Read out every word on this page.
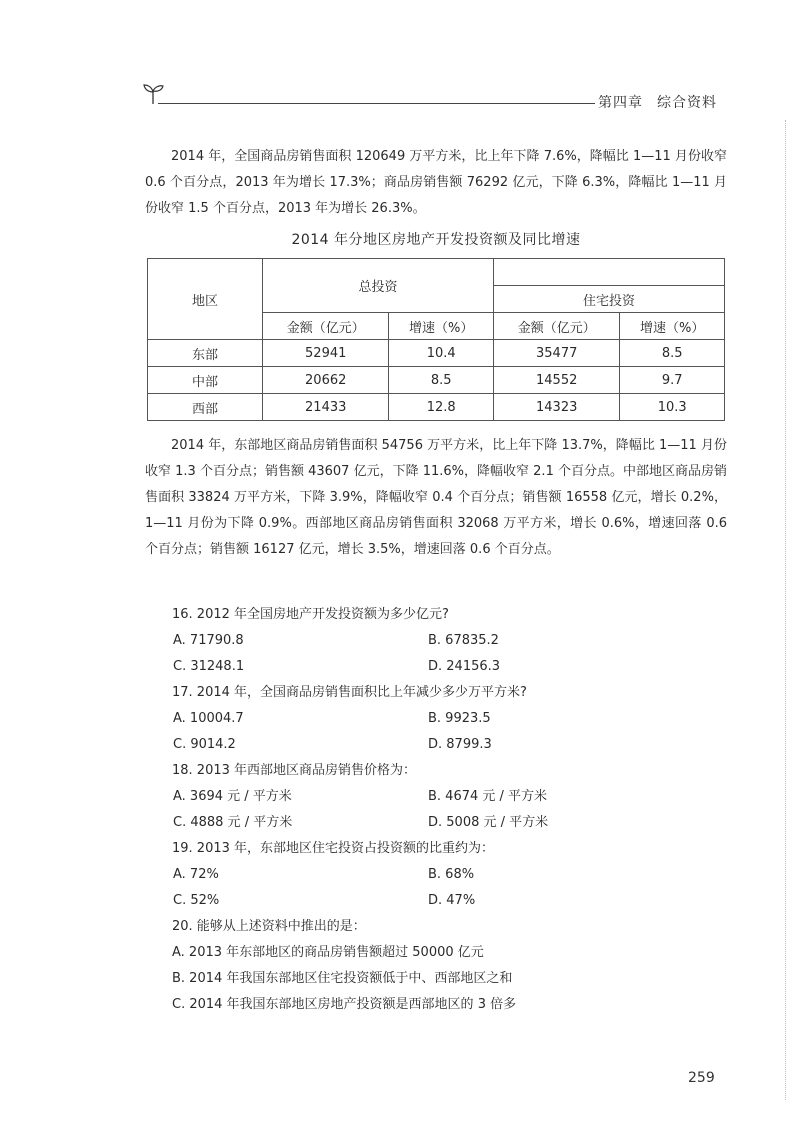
第四章 综合资料
2014 年，全国商品房销售面积 120649 万平方米，比上年下降 7.6%，降幅比 1—11 月份收窄 0.6 个百分点，2013 年为增长 17.3%；商品房销售额 76292 亿元，下降 6.3%，降幅比 1—11 月份收窄 1.5 个百分点，2013 年为增长 26.3%。
2014 年分地区房地产开发投资额及同比增速
地区	总投资			
			住宅投资	
	金额（亿元）	增速（%）	金额（亿元）	增速（%）
东部	52941	10.4	35477	8.5
中部	20662	8.5	14552	9.7
西部	21433	12.8	14323	10.3
2014 年，东部地区商品房销售面积 54756 万平方米，比上年下降 13.7%，降幅比 1—11 月份收窄 1.3 个百分点；销售额 43607 亿元，下降 11.6%，降幅收窄 2.1 个百分点。中部地区商品房销售面积 33824 万平方米，下降 3.9%，降幅收窄 0.4 个百分点；销售额 16558 亿元，增长 0.2%，1—11 月份为下降 0.9%。西部地区商品房销售面积 32068 万平方米，增长 0.6%，增速回落 0.6 个百分点；销售额 16127 亿元，增长 3.5%，增速回落 0.6 个百分点。
16. 2012 年全国房地产开发投资额为多少亿元?
A. 71790.8	B. 67835.2
C. 31248.1	D. 24156.3
17. 2014 年，全国商品房销售面积比上年减少多少万平方米?
A. 10004.7	B. 9923.5
C. 9014.2	D. 8799.3
18. 2013 年西部地区商品房销售价格为：
A. 3694 元 / 平方米	B. 4674 元 / 平方米
C. 4888 元 / 平方米	D. 5008 元 / 平方米
19. 2013 年，东部地区住宅投资占投资额的比重约为：
A. 72%	B. 68%
C. 52%	D. 47%
20. 能够从上述资料中推出的是：
A. 2013 年东部地区的商品房销售额超过 50000 亿元
B. 2014 年我国东部地区住宅投资额低于中、西部地区之和
C. 2014 年我国东部地区房地产投资额是西部地区的 3 倍多
259
